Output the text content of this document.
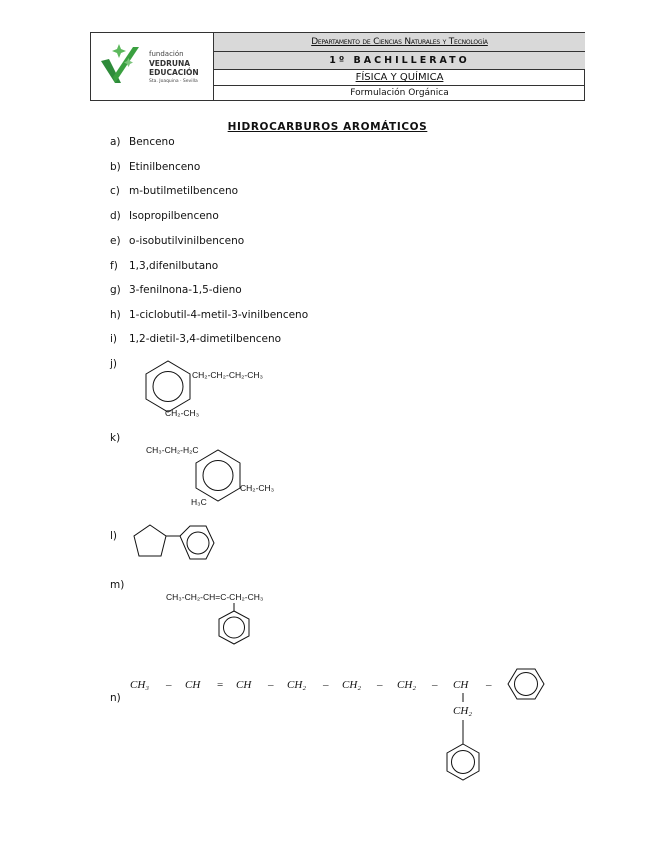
fundación
VEDRUNA
EDUCACIÓN
Sta. Joaquina · Sevilla
Departamento de Ciencias Naturales y Tecnología
1º BACHILLERATO
FÍSICA Y QUÍMICA
Formulación Orgánica
HIDROCARBUROS AROMÁTICOS
a) Benceno
b) Etinilbenceno
c) m-butilmetilbenceno
d) Isopropilbenceno
e) o-isobutilvinilbenceno
f) 1,3,difenilbutano
g) 3-fenilnona-1,5-dieno
h) 1-ciclobutil-4-metil-3-vinilbenceno
i) 1,2-dietil-3,4-dimetilbenceno
j)
k)
l)
m)
n)
CH₂-CH₂-CH₂-CH₃
CH₂-CH₃
CH₃-CH₂-H₂C
CH₂-CH₃
H₃C
CH₃-CH₂-CH=C-CH₂-CH₃
CH₃ – CH = CH – CH₂ – CH₂ – CH₂ – CH –
CH₂
